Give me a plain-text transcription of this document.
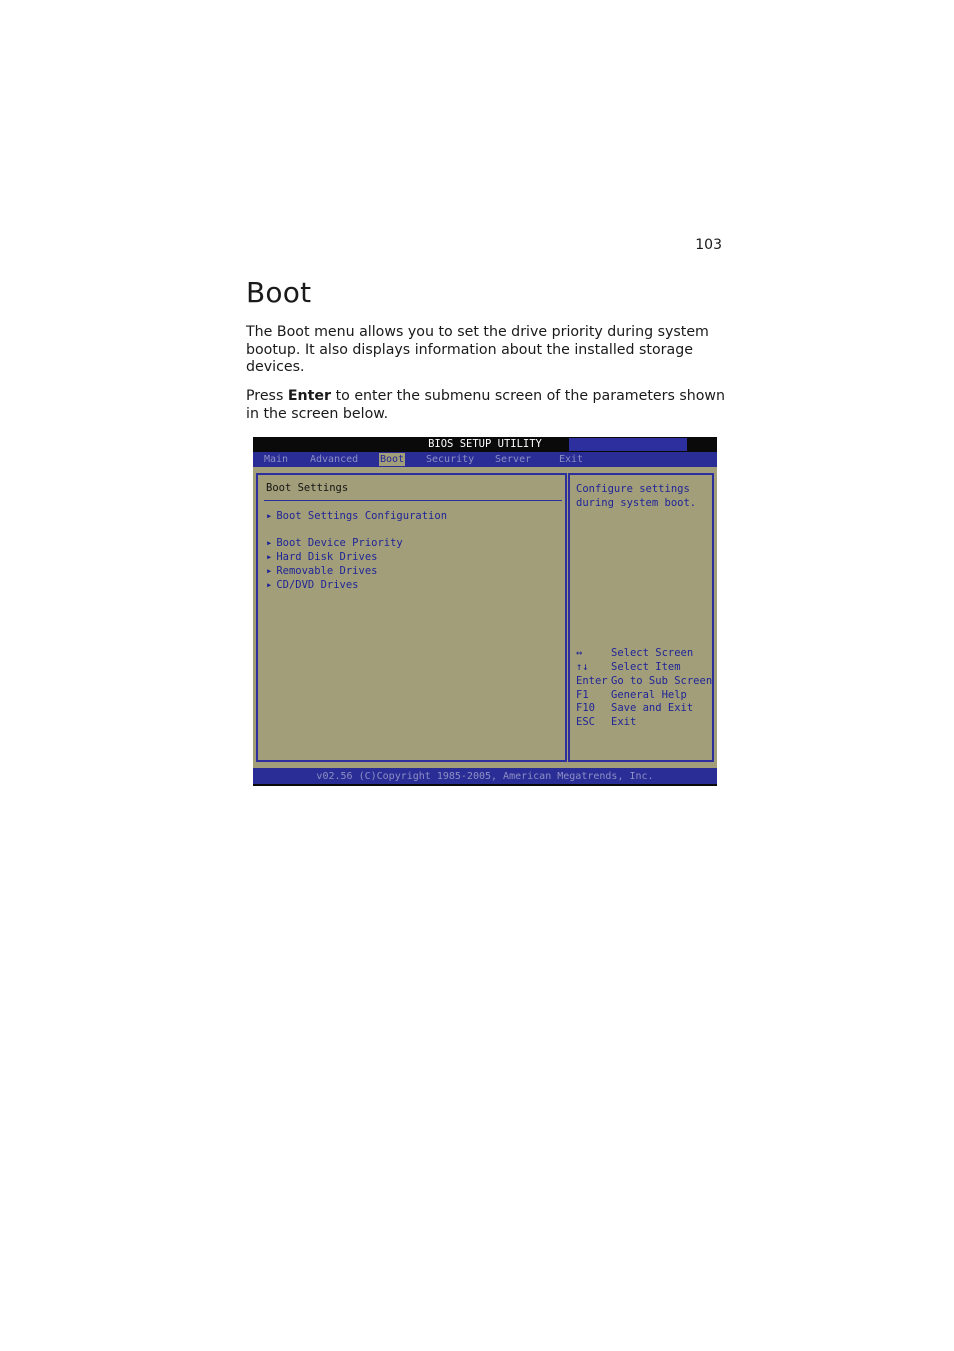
103
Boot

The Boot menu allows you to set the drive priority during system bootup. It also displays information about the installed storage devices.

Press Enter to enter the submenu screen of the parameters shown in the screen below.

BIOS SETUP UTILITY
Main Advanced Boot Security Server	Exit
Boot Settings
▸ Boot Settings Configuration
▸ Boot Device Priority
▸ Hard Disk Drives
▸ Removable Drives
▸ CD/DVD Drives
Configure settings
during system boot.
↔	Select Screen
↑↓ Select Item
Enter Go to Sub Screen
F1 General Help
F10 Save and Exit
ESC Exit
v02.56 (C)Copyright 1985-2005, American Megatrends, Inc.
